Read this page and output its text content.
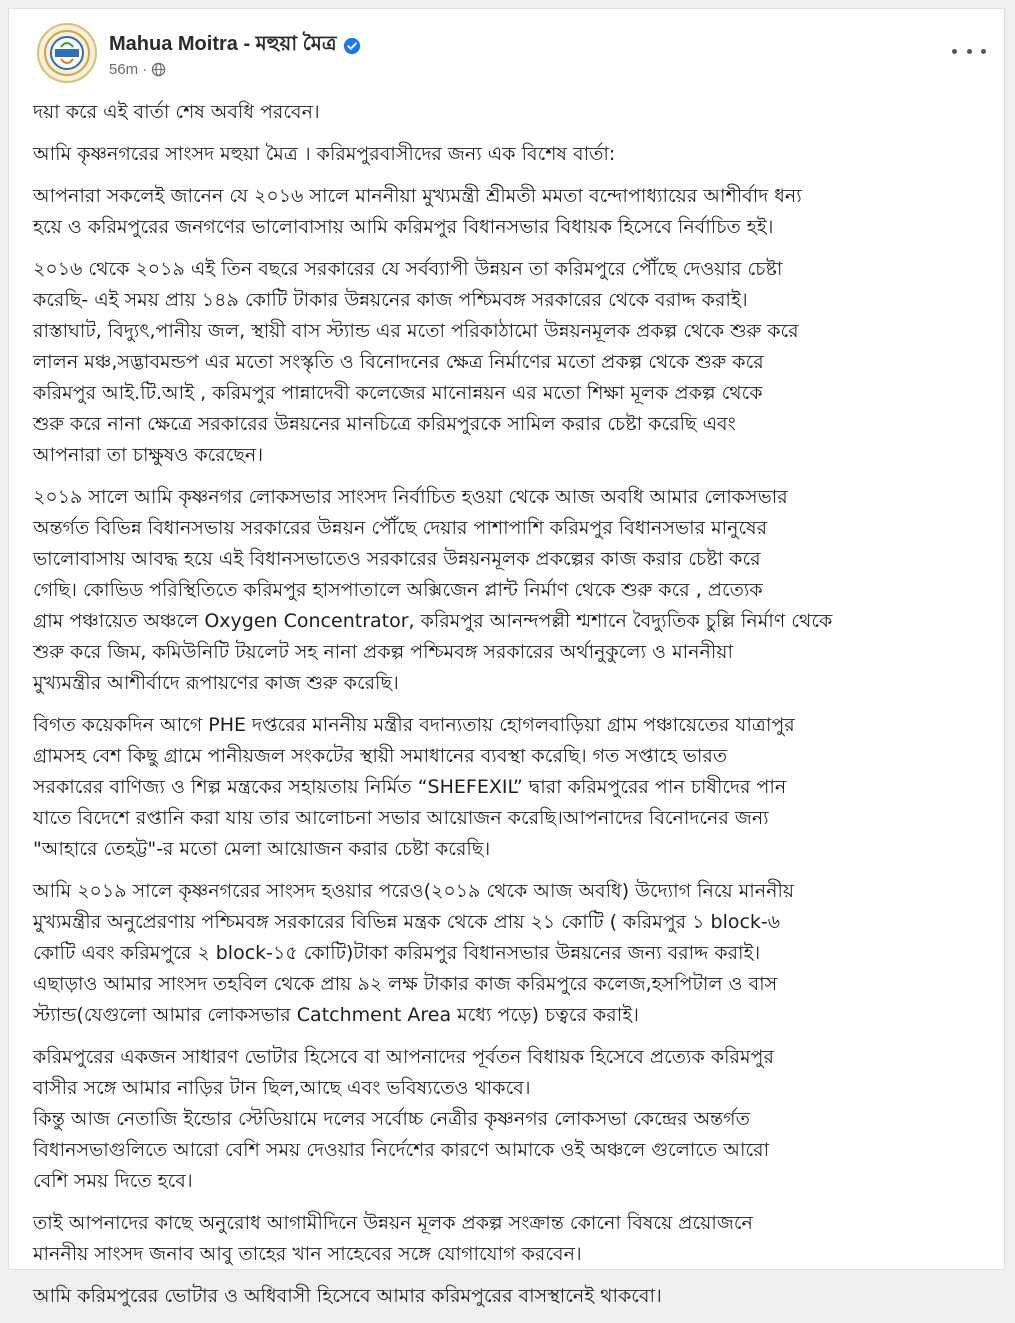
Mahua Moitra - মহুয়া মৈত্র
56m ·

দয়া করে এই বার্তা শেষ অবধি পরবেন।

আমি কৃষ্ণনগরের সাংসদ মহুয়া মৈত্র । করিমপুরবাসীদের জন্য এক বিশেষ বার্তা:

আপনারা সকলেই জানেন যে ২০১৬ সালে মাননীয়া মুখ্যমন্ত্রী শ্রীমতী মমতা বন্দোপাধ্যায়ের আশীর্বাদ ধন্য
হয়ে ও করিমপুরের জনগণের ভালোবাসায় আমি করিমপুর বিধানসভার বিধায়ক হিসেবে নির্বাচিত হই।

২০১৬ থেকে ২০১৯ এই তিন বছরে সরকারের যে সর্বব্যাপী উন্নয়ন তা করিমপুরে পৌঁছে দেওয়ার চেষ্টা
করেছি- এই সময় প্রায় ১৪৯ কোটি টাকার উন্নয়নের কাজ পশ্চিমবঙ্গ সরকারের থেকে বরাদ্দ করাই।
রাস্তাঘাট, বিদ্যুৎ,পানীয় জল, স্থায়ী বাস স্ট্যান্ড এর মতো পরিকাঠামো উন্নয়নমূলক প্রকল্প থেকে শুরু করে
লালন মঞ্চ,সদ্ভাবমন্ডপ এর মতো সংস্কৃতি ও বিনোদনের ক্ষেত্র নির্মাণের মতো প্রকল্প থেকে শুরু করে
করিমপুর আই.টি.আই , করিমপুর পান্নাদেবী কলেজের মানোন্নয়ন এর মতো শিক্ষা মূলক প্রকল্প থেকে
শুরু করে নানা ক্ষেত্রে সরকারের উন্নয়নের মানচিত্রে করিমপুরকে সামিল করার চেষ্টা করেছি এবং
আপনারা তা চাক্ষুষও করেছেন।

২০১৯ সালে আমি কৃষ্ণনগর লোকসভার সাংসদ নির্বাচিত হওয়া থেকে আজ অবধি আমার লোকসভার
অন্তর্গত বিভিন্ন বিধানসভায় সরকারের উন্নয়ন পৌঁছে দেয়ার পাশাপাশি করিমপুর বিধানসভার মানুষের
ভালোবাসায় আবদ্ধ হয়ে এই বিধানসভাতেও সরকারের উন্নয়নমূলক প্রকল্পের কাজ করার চেষ্টা করে
গেছি। কোভিড পরিস্থিতিতে করিমপুর হাসপাতালে অক্সিজেন প্লান্ট নির্মাণ থেকে শুরু করে , প্রত্যেক
গ্রাম পঞ্চায়েত অঞ্চলে Oxygen Concentrator, করিমপুর আনন্দপল্লী শ্মশানে বৈদ্যুতিক চুল্লি নির্মাণ থেকে
শুরু করে জিম, কমিউনিটি টয়লেট সহ নানা প্রকল্প পশ্চিমবঙ্গ সরকারের অর্থানুকুল্যে ও মাননীয়া
মুখ্যমন্ত্রীর আশীর্বাদে রূপায়ণের কাজ শুরু করেছি।

বিগত কয়েকদিন আগে PHE দপ্তরের মাননীয় মন্ত্রীর বদান্যতায় হোগলবাড়িয়া গ্রাম পঞ্চায়েতের যাত্রাপুর
গ্রামসহ বেশ কিছু গ্রামে পানীয়জল সংকটের স্থায়ী সমাধানের ব্যবস্থা করেছি। গত সপ্তাহে ভারত
সরকারের বাণিজ্য ও শিল্প মন্ত্রকের সহায়তায় নির্মিত “SHEFEXIL” দ্বারা করিমপুরের পান চাষীদের পান
যাতে বিদেশে রপ্তানি করা যায় তার আলোচনা সভার আয়োজন করেছি।আপনাদের বিনোদনের জন্য
"আহারে তেহট্ট"-র মতো মেলা আয়োজন করার চেষ্টা করেছি।

আমি ২০১৯ সালে কৃষ্ণনগরের সাংসদ হওয়ার পরেও(২০১৯ থেকে আজ অবধি) উদ্যোগ নিয়ে মাননীয়
মুখ্যমন্ত্রীর অনুপ্রেরণায় পশ্চিমবঙ্গ সরকারের বিভিন্ন মন্ত্রক থেকে প্রায় ২১ কোটি ( করিমপুর ১ block-৬
কোটি এবং করিমপুরে ২ block-১৫ কোটি)টাকা করিমপুর বিধানসভার উন্নয়নের জন্য বরাদ্দ করাই।
এছাড়াও আমার সাংসদ তহবিল থেকে প্রায় ৯২ লক্ষ টাকার কাজ করিমপুরে কলেজ,হসপিটাল ও বাস
স্ট্যান্ড(যেগুলো আমার লোকসভার Catchment Area মধ্যে পড়ে) চত্বরে করাই।

করিমপুরের একজন সাধারণ ভোটার হিসেবে বা আপনাদের পূর্বতন বিধায়ক হিসেবে প্রত্যেক করিমপুর
বাসীর সঙ্গে আমার নাড়ির টান ছিল,আছে এবং ভবিষ্যতেও থাকবে।
কিন্তু আজ নেতাজি ইন্ডোর স্টেডিয়ামে দলের সর্বোচ্চ নেত্রীর কৃষ্ণনগর লোকসভা কেন্দ্রের অন্তর্গত
বিধানসভাগুলিতে আরো বেশি সময় দেওয়ার নির্দেশের কারণে আমাকে ওই অঞ্চলে গুলোতে আরো
বেশি সময় দিতে হবে।

তাই আপনাদের কাছে অনুরোধ আগামীদিনে উন্নয়ন মূলক প্রকল্প সংক্রান্ত কোনো বিষয়ে প্রয়োজনে
মাননীয় সাংসদ জনাব আবু তাহের খান সাহেবের সঙ্গে যোগাযোগ করবেন।

আমি করিমপুরের ভোটার ও অধিবাসী হিসেবে আমার করিমপুরের বাসস্থানেই থাকবো।
